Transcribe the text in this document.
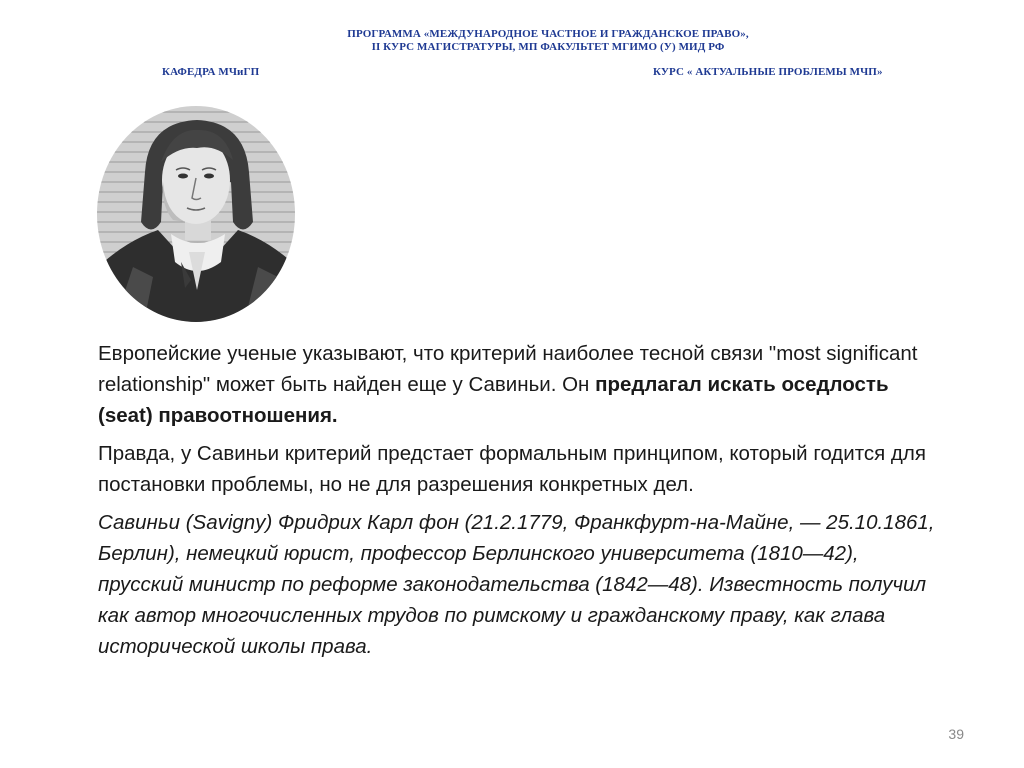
ПРОГРАММА «МЕЖДУНАРОДНОЕ ЧАСТНОЕ И ГРАЖДАНСКОЕ ПРАВО»,
II КУРС МАГИСТРАТУРЫ, МП ФАКУЛЬТЕТ МГИМО (У) МИД РФ
КАФЕДРА МЧиГП	КУРС « АКТУАЛЬНЫЕ ПРОБЛЕМЫ МЧП»

Европейские ученые указывают, что критерий наиболее тесной связи "most significant relationship" может быть найден еще у Савиньи. Он предлагал искать оседлость (seat) правоотношения.

Правда, у Савиньи критерий предстает формальным принципом, который годится для постановки проблемы, но не для разрешения конкретных дел.

Савиньи (Savigny) Фридрих Карл фон (21.2.1779, Франкфурт-на-Майне, — 25.10.1861, Берлин), немецкий юрист, профессор Берлинского университета (1810—42), прусский министр по реформе законодательства (1842—48). Известность получил как автор многочисленных трудов по римскому и гражданскому праву, как глава исторической школы права.

39
